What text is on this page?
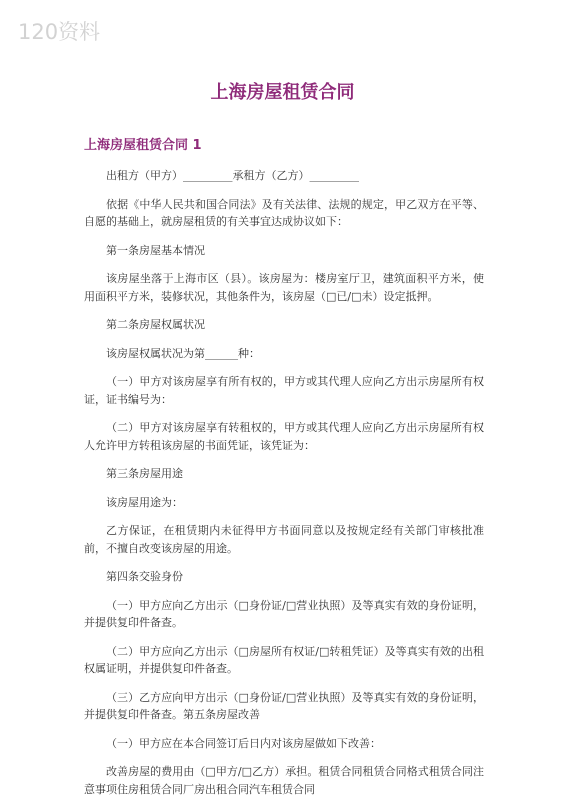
120资料
上海房屋租赁合同
上海房屋租赁合同 1

出租方（甲方）_________承租方（乙方）_________

依据《中华人民共和国合同法》及有关法律、法规的规定，甲乙双方在平等、自愿的基础上，就房屋租赁的有关事宜达成协议如下：

第一条房屋基本情况

该房屋坐落于上海市区（县）。该房屋为：楼房室厅卫，建筑面积平方米，使用面积平方米，装修状况，其他条件为，该房屋（□已/□未）设定抵押。

第二条房屋权属状况

该房屋权属状况为第______种：

（一）甲方对该房屋享有所有权的，甲方或其代理人应向乙方出示房屋所有权证，证书编号为：

（二）甲方对该房屋享有转租权的，甲方或其代理人应向乙方出示房屋所有权人允许甲方转租该房屋的书面凭证，该凭证为：

第三条房屋用途

该房屋用途为：

乙方保证，在租赁期内未征得甲方书面同意以及按规定经有关部门审核批准前，不擅自改变该房屋的用途。

第四条交验身份

（一）甲方应向乙方出示（□身份证/□营业执照）及等真实有效的身份证明，并提供复印件备查。

（二）甲方应向乙方出示（□房屋所有权证/□转租凭证）及等真实有效的出租权属证明，并提供复印件备查。

（三）乙方应向甲方出示（□身份证/□营业执照）及等真实有效的身份证明，并提供复印件备查。第五条房屋改善

（一）甲方应在本合同签订后日内对该房屋做如下改善：

改善房屋的费用由（□甲方/□乙方）承担。租赁合同租赁合同格式租赁合同注意事项住房租赁合同厂房出租合同汽车租赁合同
